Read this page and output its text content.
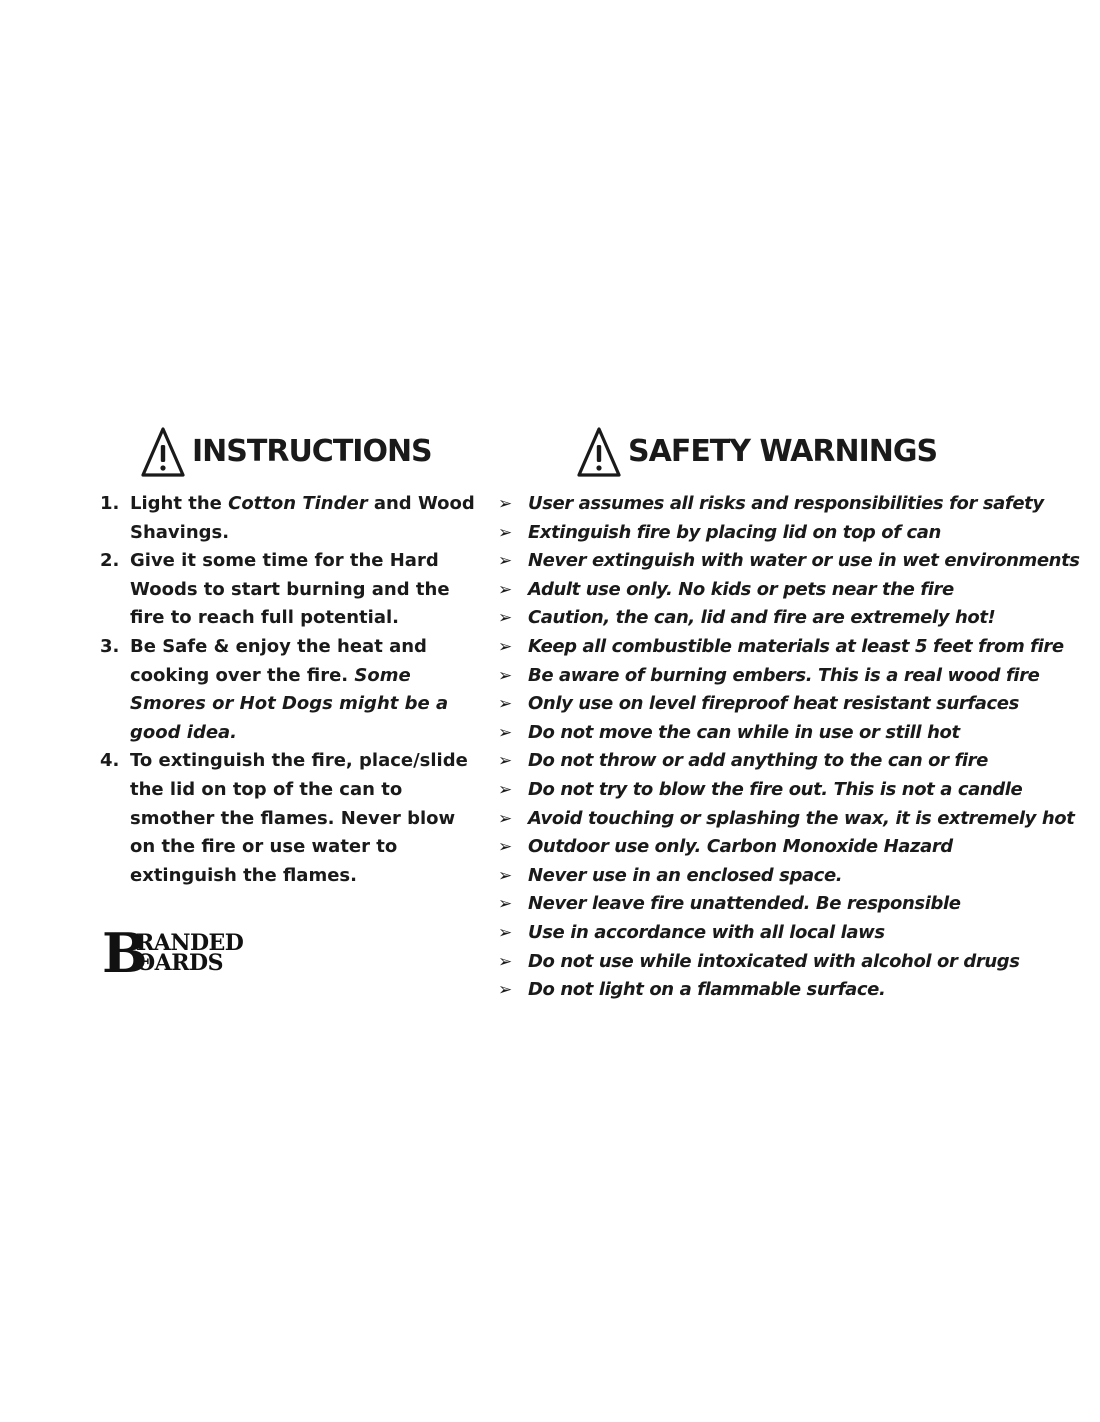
INSTRUCTIONS
1. Light the Cotton Tinder and Wood Shavings.
2. Give it some time for the Hard Woods to start burning and the fire to reach full potential.
3. Be Safe & enjoy the heat and cooking over the fire. Some Smores or Hot Dogs might be a good idea.
4. To extinguish the fire, place/slide the lid on top of the can to smother the flames. Never blow on the fire or use water to extinguish the flames.
SAFETY WARNINGS
➢ User assumes all risks and responsibilities for safety
➢ Extinguish fire by placing lid on top of can
➢ Never extinguish with water or use in wet environments
➢ Adult use only. No kids or pets near the fire
➢ Caution, the can, lid and fire are extremely hot!
➢ Keep all combustible materials at least 5 feet from fire
➢ Be aware of burning embers. This is a real wood fire
➢ Only use on level fireproof heat resistant surfaces
➢ Do not move the can while in use or still hot
➢ Do not throw or add anything to the can or fire
➢ Do not try to blow the fire out. This is not a candle
➢ Avoid touching or splashing the wax, it is extremely hot
➢ Outdoor use only. Carbon Monoxide Hazard
➢ Never use in an enclosed space.
➢ Never leave fire unattended. Be responsible
➢ Use in accordance with all local laws
➢ Do not use while intoxicated with alcohol or drugs
➢ Do not light on a flammable surface.
B
RANDED
ΘARDS
